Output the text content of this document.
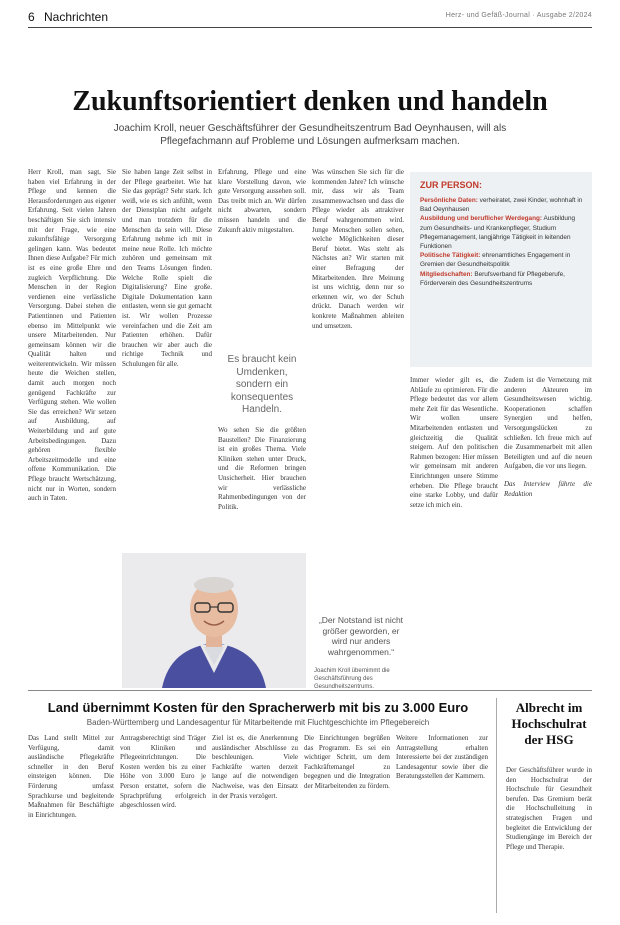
6 Nachrichten	Herz- und Gefäß-Journal · Ausgabe 2/2024
Zukunftsorientiert denken und handeln
Joachim Kroll, neuer Geschäftsführer der Gesundheitszentrum Bad Oeynhausen, will als Pflegefachmann auf Probleme und Lösungen aufmerksam machen.
Herr Kroll, man sagt, Sie haben viel Erfahrung in der Pflege und kennen die Herausforderungen aus eigener Erfahrung. Seit vielen Jahren beschäftigen Sie sich intensiv mit der Frage, wie eine zukunftsfähige Versorgung gelingen kann. Was bedeutet Ihnen diese Aufgabe? Für mich ist es eine große Ehre und zugleich Verpflichtung. Die Menschen in der Region verdienen eine verlässliche Versorgung. Dabei stehen die Patientinnen und Patienten ebenso im Mittelpunkt wie unsere Mitarbeitenden. Nur gemeinsam können wir die Qualität halten und weiterentwickeln. Wir müssen heute die Weichen stellen, damit auch morgen noch genügend Fachkräfte zur Verfügung stehen. Wie wollen Sie das erreichen? Wir setzen auf Ausbildung, auf Weiterbildung und auf gute Arbeitsbedingungen. Dazu gehören flexible Arbeitszeitmodelle und eine offene Kommunikation. Die Pflege braucht Wertschätzung, nicht nur in Worten, sondern auch in Taten.
Sie haben lange Zeit selbst in der Pflege gearbeitet. Wie hat Sie das geprägt? Sehr stark. Ich weiß, wie es sich anfühlt, wenn der Dienstplan nicht aufgeht und man trotzdem für die Menschen da sein will. Diese Erfahrung nehme ich mit in meine neue Rolle. Ich möchte zuhören und gemeinsam mit den Teams Lösungen finden. Welche Rolle spielt die Digitalisierung? Eine große. Digitale Dokumentation kann entlasten, wenn sie gut gemacht ist. Wir wollen Prozesse vereinfachen und die Zeit am Patienten erhöhen. Dafür brauchen wir aber auch die richtige Technik und Schulungen für alle.
Erfahrung, Pflege und eine klare Vorstellung davon, wie gute Versorgung aussehen soll. Das treibt mich an. Wir dürfen nicht abwarten, sondern müssen handeln und die Zukunft aktiv mitgestalten.
Es braucht kein Umdenken, sondern ein konsequentes Handeln.
Wo sehen Sie die größten Baustellen? Die Finanzierung ist ein großes Thema. Viele Kliniken stehen unter Druck, und die Reformen bringen Unsicherheit. Hier brauchen wir verlässliche Rahmenbedingungen von der Politik.
Was wünschen Sie sich für die kommenden Jahre? Ich wünsche mir, dass wir als Team zusammenwachsen und dass die Pflege wieder als attraktiver Beruf wahrgenommen wird. Junge Menschen sollen sehen, welche Möglichkeiten dieser Beruf bietet. Was steht als Nächstes an? Wir starten mit einer Befragung der Mitarbeitenden. Ihre Meinung ist uns wichtig, denn nur so erkennen wir, wo der Schuh drückt. Danach werden wir konkrete Maßnahmen ableiten und umsetzen.
ZUR PERSON:
Persönliche Daten: verheiratet, zwei Kinder, wohnhaft in Bad Oeynhausen
Ausbildung und beruflicher Werdegang: Ausbildung zum Gesundheits- und Krankenpfleger, Studium Pflegemanagement, langjährige Tätigkeit in leitenden Funktionen
Politische Tätigkeit: ehrenamtliches Engagement in Gremien der Gesundheitspolitik
Mitgliedschaften: Berufsverband für Pflegeberufe, Förderverein des Gesundheitszentrums
Immer wieder gilt es, die Abläufe zu optimieren. Für die Pflege bedeutet das vor allem mehr Zeit für das Wesentliche. Wir wollen unsere Mitarbeitenden entlasten und gleichzeitig die Qualität steigern. Auf den politischen Rahmen bezogen: Hier müssen wir gemeinsam mit anderen Einrichtungen unsere Stimme erheben. Die Pflege braucht eine starke Lobby, und dafür setze ich mich ein.
Zudem ist die Vernetzung mit anderen Akteuren im Gesundheitswesen wichtig. Kooperationen schaffen Synergien und helfen, Versorgungslücken zu schließen. Ich freue mich auf die Zusammenarbeit mit allen Beteiligten und auf die neuen Aufgaben, die vor uns liegen.
Das Interview führte die Redaktion
„Der Notstand ist nicht größer geworden, er wird nur anders wahrgenommen.“
Joachim Kroll übernimmt die Geschäftsführung des Gesundheitszentrums.
Land übernimmt Kosten für den Spracherwerb mit bis zu 3.000 Euro
Baden-Württemberg und Landesagentur für Mitarbeitende mit Fluchtgeschichte im Pflegebereich
Das Land stellt Mittel zur Verfügung, damit ausländische Pflegekräfte schneller in den Beruf einsteigen können. Die Förderung umfasst Sprachkurse und begleitende Maßnahmen für Beschäftigte in Einrichtungen.
Antragsberechtigt sind Träger von Kliniken und Pflegeeinrichtungen. Die Kosten werden bis zu einer Höhe von 3.000 Euro je Person erstattet, sofern die Sprachprüfung erfolgreich abgeschlossen wird.
Ziel ist es, die Anerkennung ausländischer Abschlüsse zu beschleunigen. Viele Fachkräfte warten derzeit lange auf die notwendigen Nachweise, was den Einsatz in der Praxis verzögert.
Die Einrichtungen begrüßen das Programm. Es sei ein wichtiger Schritt, um dem Fachkräftemangel zu begegnen und die Integration der Mitarbeitenden zu fördern.
Weitere Informationen zur Antragstellung erhalten Interessierte bei der zuständigen Landesagentur sowie über die Beratungsstellen der Kammern.
Albrecht im Hochschulrat der HSG
Der Geschäftsführer wurde in den Hochschulrat der Hochschule für Gesundheit berufen. Das Gremium berät die Hochschulleitung in strategischen Fragen und begleitet die Entwicklung der Studiengänge im Bereich der Pflege und Therapie.
